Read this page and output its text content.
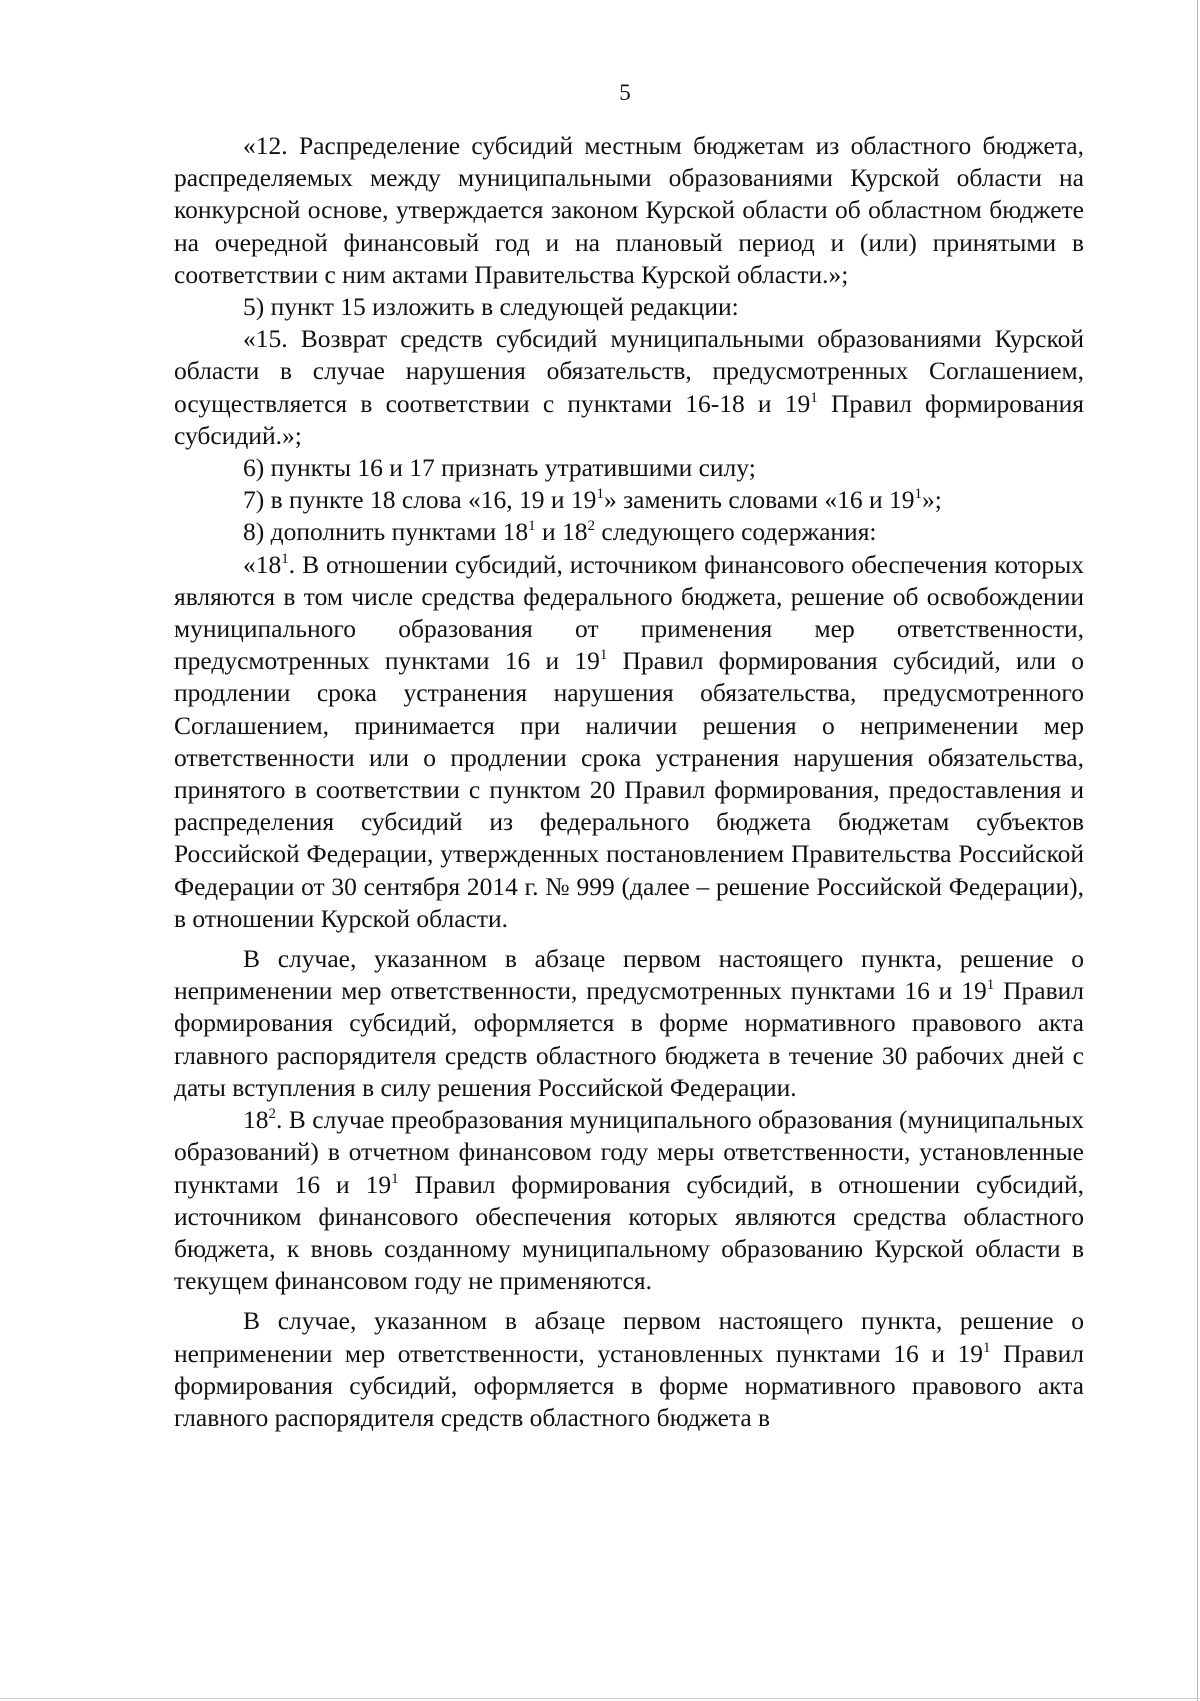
5

«12. Распределение субсидий местным бюджетам из областного бюджета, распределяемых между муниципальными образованиями Курской области на конкурсной основе, утверждается законом Курской области об областном бюджете на очередной финансовый год и на плановый период и (или) принятыми в соответствии с ним актами Правительства Курской области.»;

5) пункт 15 изложить в следующей редакции:

«15. Возврат средств субсидий муниципальными образованиями Курской области в случае нарушения обязательств, предусмотренных Соглашением, осуществляется в соответствии с пунктами 16-18 и $19^1$ Правил формирования субсидий.»;

6) пункты 16 и 17 признать утратившими силу;

7) в пункте 18 слова «16, 19 и $19^1$» заменить словами «16 и $19^1$»;

8) дополнить пунктами $18^1$ и $18^2$ следующего содержания:

«$18^1$. В отношении субсидий, источником финансового обеспечения которых являются в том числе средства федерального бюджета, решение об освобождении муниципального образования от применения мер ответственности, предусмотренных пунктами 16 и $19^1$ Правил формирования субсидий, или о продлении срока устранения нарушения обязательства, предусмотренного Соглашением, принимается при наличии решения о неприменении мер ответственности или о продлении срока устранения нарушения обязательства, принятого в соответствии с пунктом 20 Правил формирования, предоставления и распределения субсидий из федерального бюджета бюджетам субъектов Российской Федерации, утвержденных постановлением Правительства Российской Федерации от 30 сентября 2014 г. № 999 (далее – решение Российской Федерации), в отношении Курской области.

В случае, указанном в абзаце первом настоящего пункта, решение о неприменении мер ответственности, предусмотренных пунктами 16 и $19^1$ Правил формирования субсидий, оформляется в форме нормативного правового акта главного распорядителя средств областного бюджета в течение 30 рабочих дней с даты вступления в силу решения Российской Федерации.

$18^2$. В случае преобразования муниципального образования (муниципальных образований) в отчетном финансовом году меры ответственности, установленные пунктами 16 и $19^1$ Правил формирования субсидий, в отношении субсидий, источником финансового обеспечения которых являются средства областного бюджета, к вновь созданному муниципальному образованию Курской области в текущем финансовом году не применяются.

В случае, указанном в абзаце первом настоящего пункта, решение о неприменении мер ответственности, установленных пунктами 16 и $19^1$ Правил формирования субсидий, оформляется в форме нормативного правового акта главного распорядителя средств областного бюджета в
